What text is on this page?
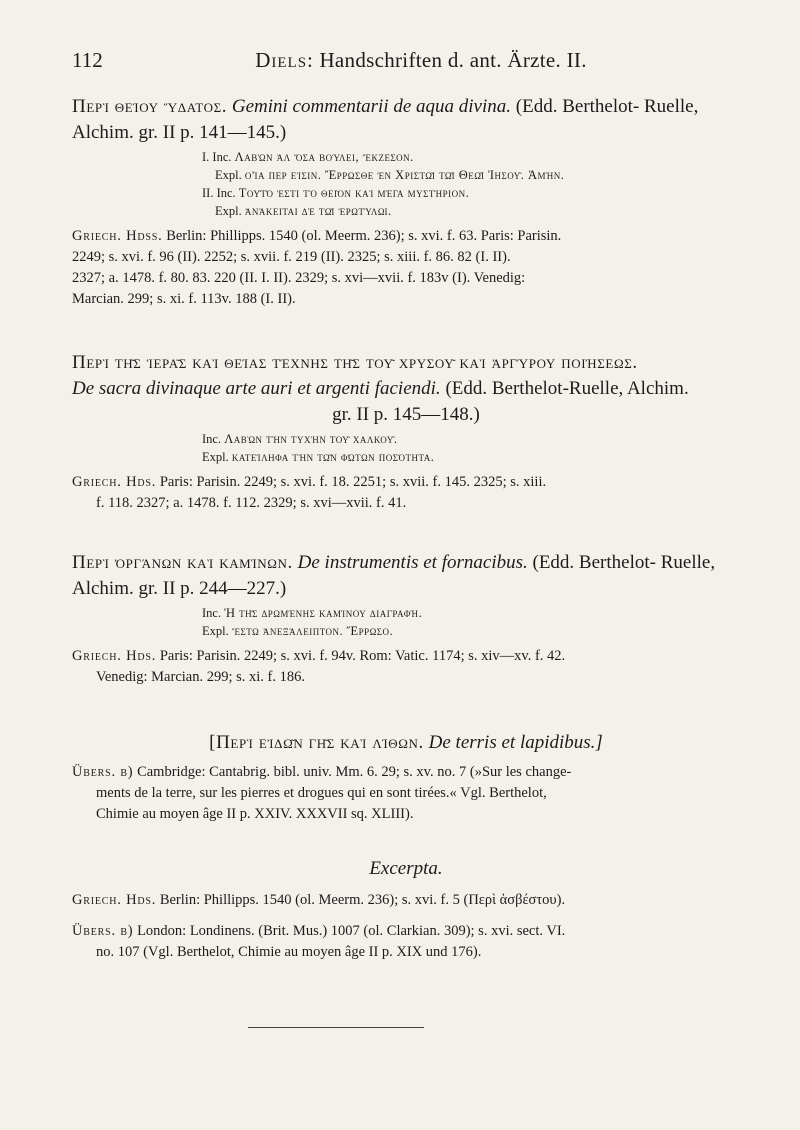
112	Diels: Handschriften d. ant. Ärzte. II.

Περὶ θείου ὕδατος. Gemini commentarii de aqua divina. (Edd. Berthelot- Ruelle, Alchim. gr. II p. 141—145.)

I. Inc. Λαβὼν ἀλ ὅσα βούλει, ἔκζεσον.
Expl. οἷα περ εἰσιν. Ἔρρωσθε ἐν Χριστῷ τῷ Θεῷ Ἰησοῦ. Ἀμήν.
II. Inc. Τοῦτό ἐστι τὸ θεῖον καὶ μέγα μυστήριον.
Expl. ἀνάκειται δὲ τῷ ἐρωτύλῳ.
Griech. Hdss. Berlin: Phillipps. 1540 (ol. Meerm. 236); s. xvi. f. 63. Paris: Parisin.
2249; s. xvi. f. 96 (II). 2252; s. xvii. f. 219 (II). 2325; s. xiii. f. 86. 82 (I. II).
2327; a. 1478. f. 80. 83. 220 (II. I. II). 2329; s. xvi—xvii. f. 183v (I). Venedig:
Marcian. 299; s. xi. f. 113v. 188 (I. II).

Περὶ τῆς ἱερᾶς καὶ θείας τέχνης τῆς τοῦ χρυσοῦ καὶ ἀργύρου ποιήσεως.
De sacra divinaque arte auri et argenti faciendi. (Edd. Berthelot-Ruelle, Alchim.
gr. II p. 145—148.)

Inc. Λαβὼν τὴν τυχὴν τοῦ χαλκοῦ.
Expl. κατείληφα τὴν τῶν φώτων ποσότητα.
Griech. Hds. Paris: Parisin. 2249; s. xvi. f. 18. 2251; s. xvii. f. 145. 2325; s. xiii.
f. 118. 2327; a. 1478. f. 112. 2329; s. xvi—xvii. f. 41.

Περὶ ὀργάνων καὶ καμίνων. De instrumentis et fornacibus. (Edd. Berthelot- Ruelle, Alchim. gr. II p. 244—227.)

Inc. Ἡ τῆς δρωμένης καμίνου διαγραφή.
Expl. ἔστω ἀνεξάλειπτον. Ἔρρωσο.
Griech. Hds. Paris: Parisin. 2249; s. xvi. f. 94v. Rom: Vatic. 1174; s. xiv—xv. f. 42.
Venedig: Marcian. 299; s. xi. f. 186.

[Περὶ εἰδῶν γῆς καὶ λίθων. De terris et lapidibus.]

Übers. b) Cambridge: Cantabrig. bibl. univ. Mm. 6. 29; s. xv. no. 7 (»Sur les change-
ments de la terre, sur les pierres et drogues qui en sont tirées.« Vgl. Berthelot,
Chimie au moyen âge II p. XXIV. XXXVII sq. XLIII).

Excerpta.

Griech. Hds. Berlin: Phillipps. 1540 (ol. Meerm. 236); s. xvi. f. 5 (Περὶ ἀσβέστου).
Übers. b) London: Londinens. (Brit. Mus.) 1007 (ol. Clarkian. 309); s. xvi. sect. VI.
no. 107 (Vgl. Berthelot, Chimie au moyen âge II p. XIX und 176).
